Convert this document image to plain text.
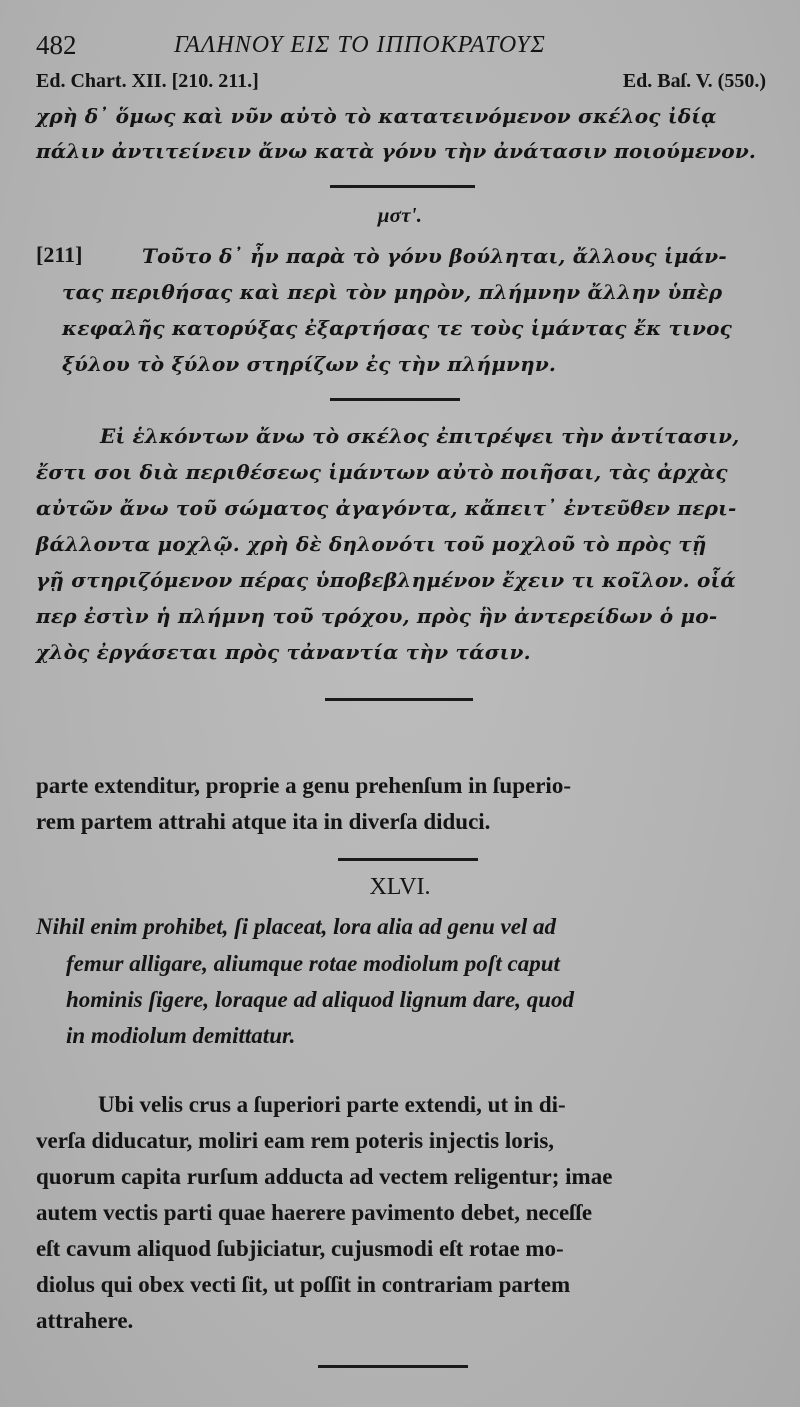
482	ΓΑΛΗΝΟΥ ΕΙΣ ΤΟ ΙΠΠΟΚΡΑΤΟΥΣ
Ed. Chart. XII. [210. 211.]	Ed. Baſ. V. (550.)
χρὴ δ᾽ ὅμως καὶ νῦν αὐτὸ τὸ κατατεινόμενον σκέλος ἰδίᾳ
πάλιν ἀντιτείνειν ἄνω κατὰ γόνυ τὴν ἀνάτασιν ποιούμενον.
μστʹ.
[211]	Τοῦτο δ᾽ ἦν παρὰ τὸ γόνυ βούληται, ἄλλους ἱμάν-
τας περιθήσας καὶ περὶ τὸν μηρὸν, πλήμνην ἄλλην ὑπὲρ
κεφαλῆς κατορύξας ἐξαρτήσας τε τοὺς ἱμάντας ἔκ τινος
ξύλου τὸ ξύλον στηρίζων ἐς τὴν πλήμνην.
Εἰ ἑλκόντων ἄνω τὸ σκέλος ἐπιτρέψει τὴν ἀντίτασιν,
ἔστι σοι διὰ περιθέσεως ἱμάντων αὐτὸ ποιῆσαι, τὰς ἀρχὰς
αὐτῶν ἄνω τοῦ σώματος ἀγαγόντα, κἄπειτ᾽ ἐντεῦθεν περι-
βάλλοντα μοχλῷ. χρὴ δὲ δηλονότι τοῦ μοχλοῦ τὸ πρὸς τῇ
γῇ στηριζόμενον πέρας ὑποβεβλημένον ἔχειν τι κοῖλον. οἷά
περ ἐστὶν ἡ πλήμνη τοῦ τρόχου, πρὸς ἣν ἀντερείδων ὁ μο-
χλὸς ἐργάσεται πρὸς τἀναντία τὴν τάσιν.
parte extenditur, proprie a genu prehenſum in ſuperio-
rem partem attrahi atque ita in diverſa diduci.
XLVI.
Nihil enim prohibet, ſi placeat, lora alia ad genu vel ad
femur alligare, aliumque rotae modiolum poſt caput
hominis ſigere, loraque ad aliquod lignum dare, quod
in modiolum demittatur.
Ubi velis crus a ſuperiori parte extendi, ut in di-
verſa diducatur, moliri eam rem poteris injectis loris,
quorum capita rurſum adducta ad vectem religentur; imae
autem vectis parti quae haerere pavimento debet, neceſſe
eſt cavum aliquod ſubjiciatur, cujusmodi eſt rotae mo-
diolus qui obex vecti ſit, ut poſſit in contrariam partem
attrahere.
